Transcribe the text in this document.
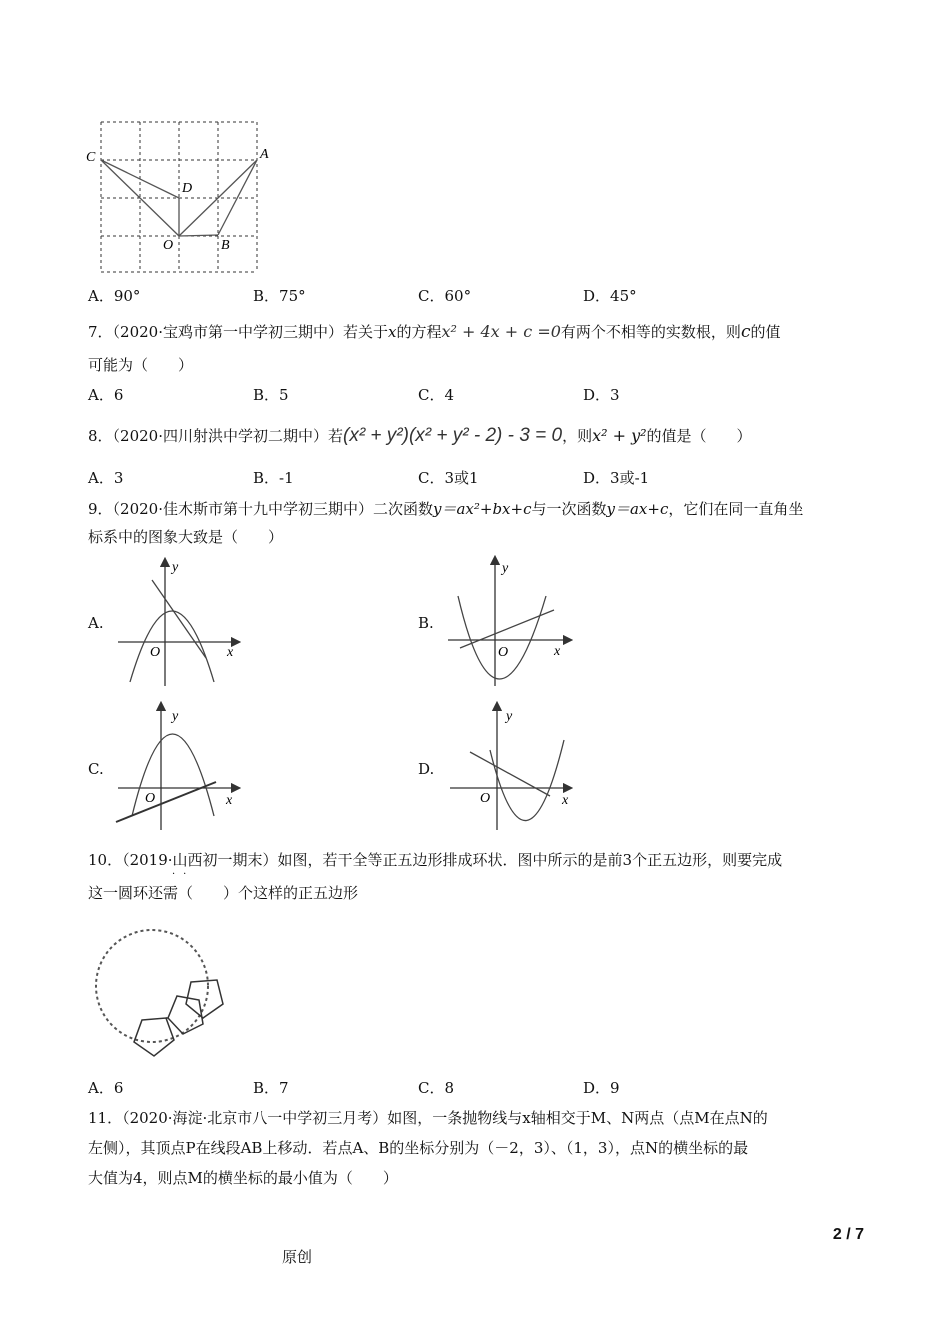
C	A
D
O	B
A．90°	B．75°	C．60°	D．45°
7．（2020·宝鸡市第一中学初三期中）若关于x的方程x² + 4x + c =0有两个不相等的实数根，则c的值
可能为（　　）
A．6	B．5	C．4	D．3
8．（2020·四川射洪中学初二期中）若(x² + y²)(x² + y² - 2) - 3 = 0，则x² + y²的值是（　　）
A．3	B．-1	C．3或1	D．3或-1
9．（2020·佳木斯市第十九中学初三期中）二次函数y＝ax²+bx+c与一次函数y＝ax+c，它们在同一直角坐
标系中的图象大致是（　　）
A.	B.
C.	D.
y
x
O
y
x
O
y
x
O
y
x
O
10．（2019·山西初一期末）如图，若干全等正五边形排成环状．图中所示的是前3个正五边形，则要完成
这一圆环还需（　　）个这样的正五边形
··
A．6	B．7	C．8	D．9
11．（2020·海淀·北京市八一中学初三月考）如图，一条抛物线与x轴相交于M、N两点（点M在点N的
左侧），其顶点P在线段AB上移动．若点A、B的坐标分别为（－2，3）、（1，3），点N的横坐标的最
大值为4，则点M的横坐标的最小值为（　　）
2 / 7
原创
